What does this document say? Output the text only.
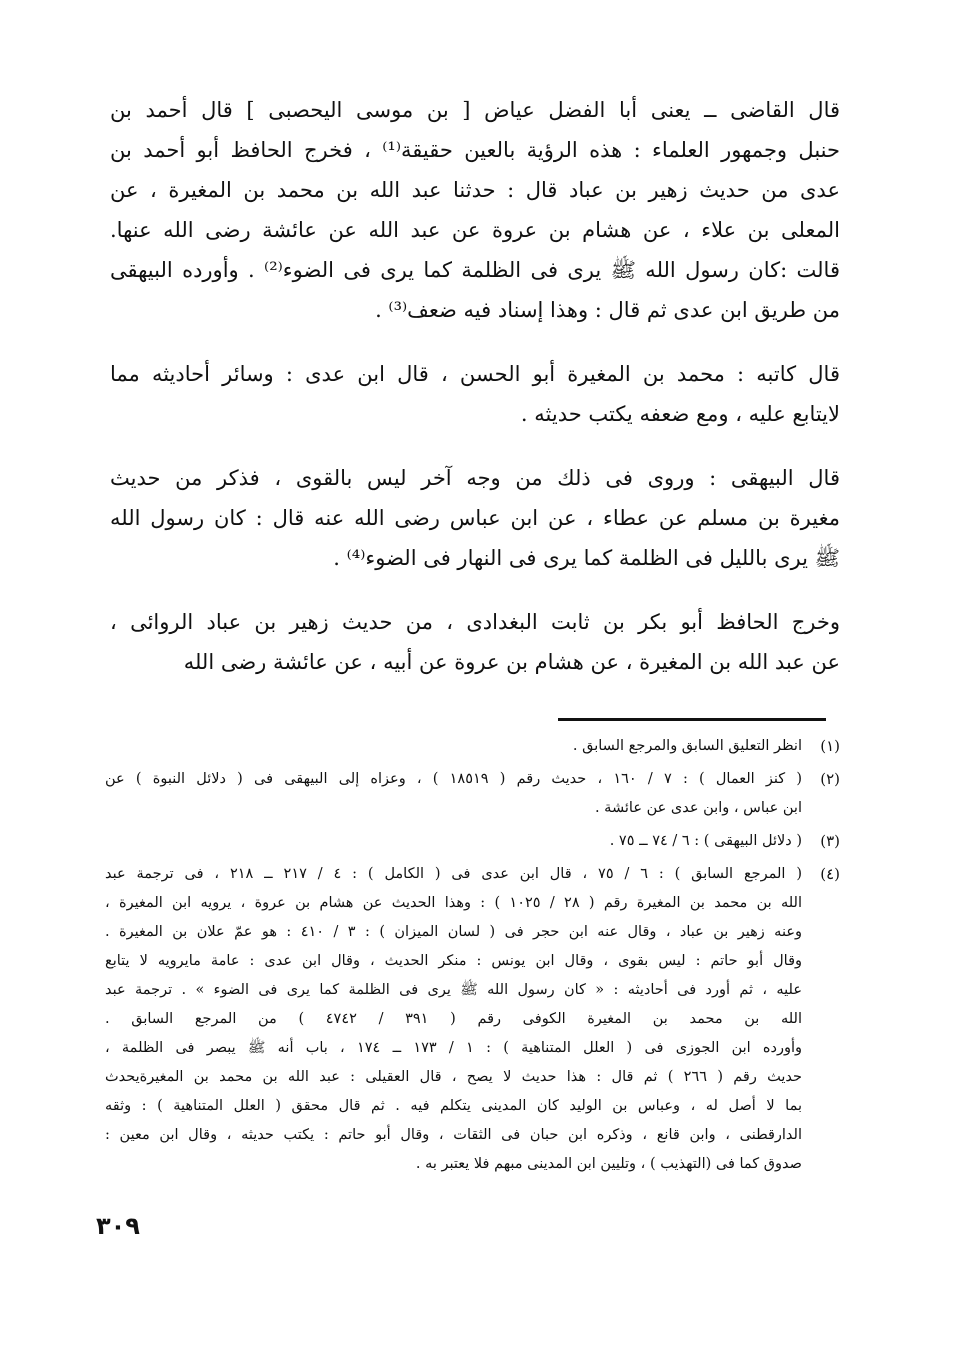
قال القاضى ــ يعنى أبا الفضل عياض [ بن موسى اليحصبى ] قال أحمد بن
حنبل وجمهور العلماء : هذه الرؤية بالعين حقيقة⁽¹⁾ ، فخرج الحافظ أبو أحمد بن
عدى من حديث زهير بن عباد قال : حدثنا عبد الله بن محمد بن المغيرة ، عن
المعلى بن علاء ، عن هشام بن عروة عن عبد الله عن عائشة رضى الله عنها.
قالت :كان رسول الله ﷺ يرى فى الظلمة كما يرى فى الضوء⁽²⁾ . وأورده البيهقى
من طريق ابن عدى ثم قال : وهذا إسناد فيه ضعف⁽³⁾ .
قال كاتبه : محمد بن المغيرة أبو الحسن ، قال ابن عدى : وسائر أحاديثه مما
لايتابع عليه ، ومع ضعفه يكتب حديثه .
قال البيهقى : وروى فى ذلك من وجه آخر ليس بالقوى ، فذكر من حديث
مغيرة بن مسلم عن عطاء ، عن ابن عباس رضى الله عنه قال : كان رسول الله
ﷺ يرى بالليل فى الظلمة كما يرى فى النهار فى الضوء⁽⁴⁾ .
وخرج الحافظ أبو بكر بن ثابت البغدادى ، من حديث زهير بن عباد الروائى ،
عن عبد الله بن المغيرة ، عن هشام بن عروة عن أبيه ، عن عائشة رضى الله
(١)
انظر التعليق السابق والمرجع السابق .
(٢)
( كنز العمال ) : ٧ / ١٦٠ ، حديث رقم ( ١٨٥١٩ ) ، وعزاه إلى البيهقى فى ( دلائل النبوة ) عن
ابن عباس ، وابن عدى عن عائشة .
(٣)
( دلائل البيهقى ) : ٦ / ٧٤ ــ ٧٥ .
(٤)
( المرجع السابق ) : ٦ / ٧٥ ، قال ابن عدى فى ( الكامل ) : ٤ / ٢١٧ ــ ٢١٨ ، فى ترجمة عبد
الله بن محمد بن المغيرة رقم ( ٢٨ / ١٠٢٥ ) : وهذا الحديث عن هشام بن عروة ، يرويه ابن المغيرة ،
وعنه زهير بن عباد ، وقال عنه ابن حجر فى ( لسان الميزان ) : ٣ / ٤١٠ : هو عمّ علان بن المغيرة .
وقال أبو حاتم : ليس بقوى ، وقال ابن يونس : منكر الحديث ، وقال ابن عدى : عامة مايرويه لا يتابع
عليه ، ثم أورد فى أحاديثه : « كان رسول الله ﷺ يرى فى الظلمة كما يرى فى الضوء » . ترجمة عبد
الله بن محمد بن المغيرة الكوفى رقم ( ٣٩١ / ٤٧٤٢ ) من المرجع السابق .
وأورده ابن الجوزى فى ( العلل المتناهية ) : ١ / ١٧٣ ــ ١٧٤ ، باب أنه ﷺ يبصر فى الظلمة ،
حديث رقم ( ٢٦٦ ) ثم قال : هذا حديث لا يصح ، قال العقيلى : عبد الله بن محمد بن المغيرةيحدث
بما لا أصل له ، وعباس بن الوليد كان المدينى يتكلم فيه . ثم قال محقق ( العلل المتناهية ) : وثقه
الدارقطنى ، وابن قانع ، وذكره ابن حبان فى الثقات ، وقال أبو حاتم : يكتب حديثه ، وقال ابن معين :
صدوق كما فى (التهذيب ) ، وتليين ابن المدينى مبهم فلا يعتبر به .
٣٠٩
